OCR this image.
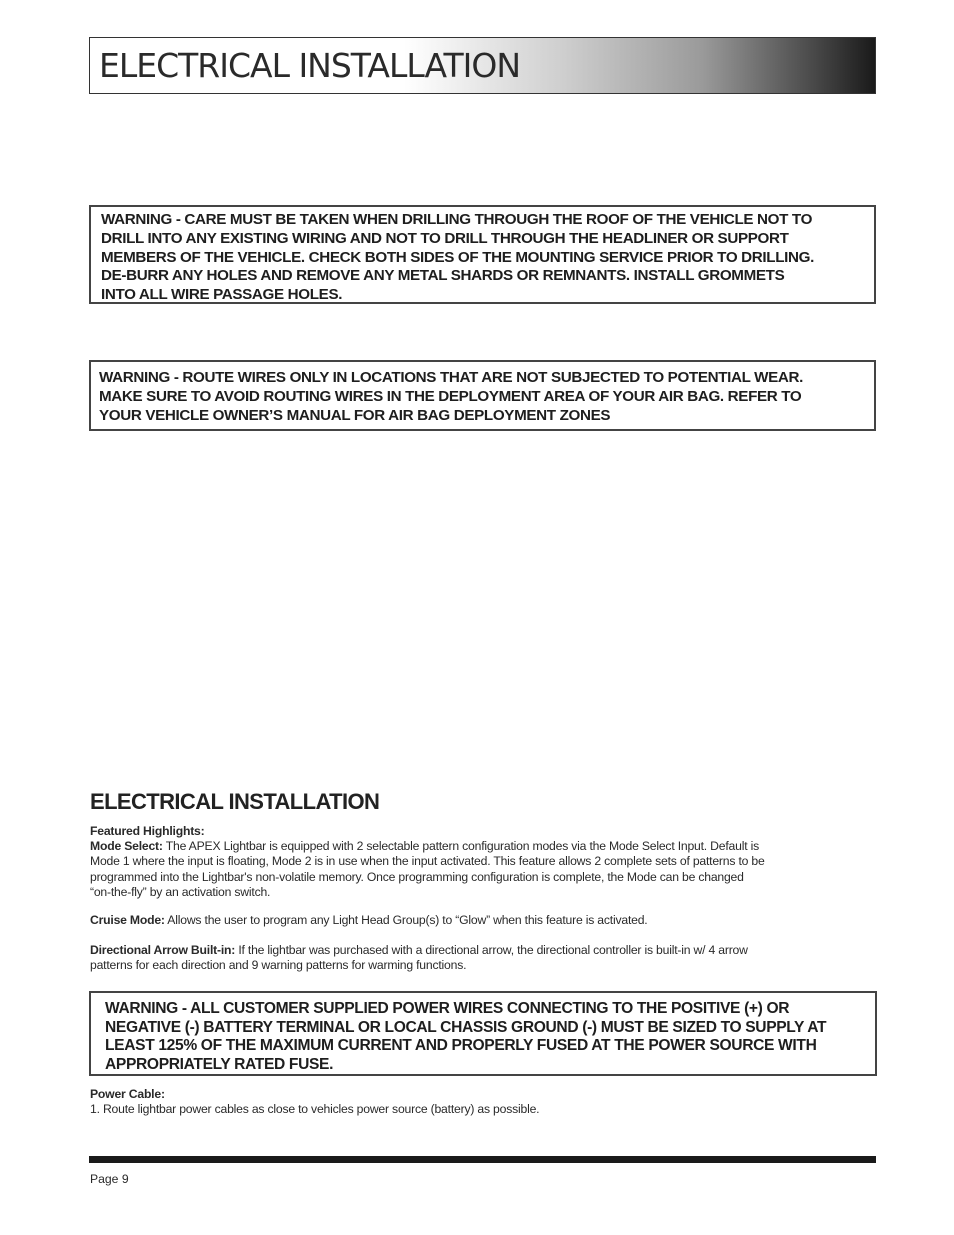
ELECTRICAL INSTALLATION
WARNING - CARE MUST BE TAKEN WHEN DRILLING THROUGH THE ROOF OF THE VEHICLE NOT TO
DRILL INTO ANY EXISTING WIRING AND NOT TO DRILL THROUGH THE HEADLINER OR SUPPORT
MEMBERS OF THE VEHICLE. CHECK BOTH SIDES OF THE MOUNTING SERVICE PRIOR TO DRILLING.
DE-BURR ANY HOLES AND REMOVE ANY METAL SHARDS OR REMNANTS. INSTALL GROMMETS
INTO ALL WIRE PASSAGE HOLES.
WARNING - ROUTE WIRES ONLY IN LOCATIONS THAT ARE NOT SUBJECTED TO POTENTIAL WEAR.
MAKE SURE TO AVOID ROUTING WIRES IN THE DEPLOYMENT AREA OF YOUR AIR BAG. REFER TO
YOUR VEHICLE OWNER’S MANUAL FOR AIR BAG DEPLOYMENT ZONES
ELECTRICAL INSTALLATION
Featured Highlights:
Mode Select: The APEX Lightbar is equipped with 2 selectable pattern configuration modes via the Mode Select Input. Default is
Mode 1 where the input is floating, Mode 2 is in use when the input activated. This feature allows 2 complete sets of patterns to be
programmed into the Lightbar's non-volatile memory. Once programming configuration is complete, the Mode can be changed
“on-the-fly” by an activation switch.
Cruise Mode: Allows the user to program any Light Head Group(s) to “Glow” when this feature is activated.
Directional Arrow Built-in: If the lightbar was purchased with a directional arrow, the directional controller is built-in w/ 4 arrow
patterns for each direction and 9 warning patterns for warming functions.
WARNING - ALL CUSTOMER SUPPLIED POWER WIRES CONNECTING TO THE POSITIVE (+) OR
NEGATIVE (-) BATTERY TERMINAL OR LOCAL CHASSIS GROUND (-) MUST BE SIZED TO SUPPLY AT
LEAST 125% OF THE MAXIMUM CURRENT AND PROPERLY FUSED AT THE POWER SOURCE WITH
APPROPRIATELY RATED FUSE.
Power Cable:
1. Route lightbar power cables as close to vehicles power source (battery) as possible.
Page 9
